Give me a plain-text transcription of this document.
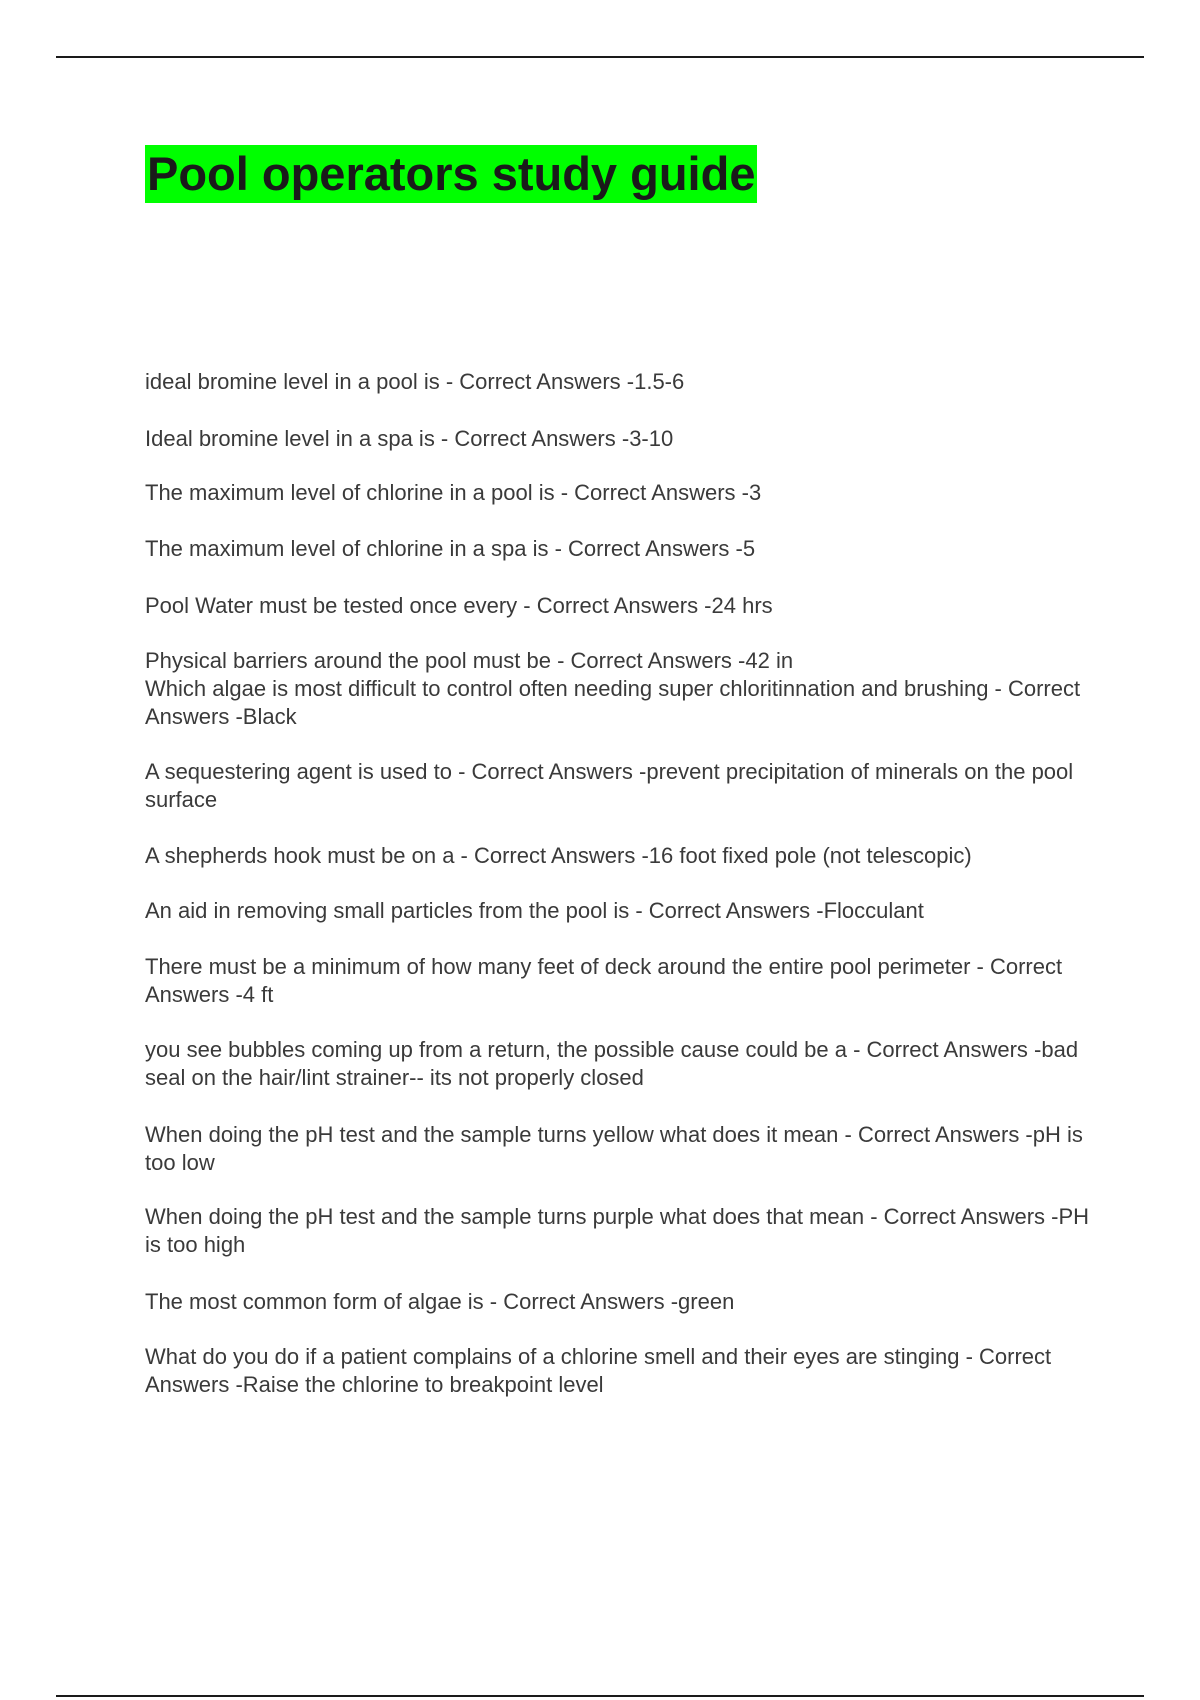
Pool operators study guide

ideal bromine level in a pool is - Correct Answers -1.5-6

Ideal bromine level in a spa is - Correct Answers -3-10

The maximum level of chlorine in a pool is - Correct Answers -3

The maximum level of chlorine in a spa is - Correct Answers -5

Pool Water must be tested once every - Correct Answers -24 hrs

Physical barriers around the pool must be - Correct Answers -42 in

Which algae is most difficult to control often needing super chloritinnation and brushing - Correct Answers -Black

A sequestering agent is used to - Correct Answers -prevent precipitation of minerals on the pool surface

A shepherds hook must be on a - Correct Answers -16 foot fixed pole (not telescopic)

An aid in removing small particles from the pool is - Correct Answers -Flocculant

There must be a minimum of how many feet of deck around the entire pool perimeter - Correct Answers -4 ft

you see bubbles coming up from a return, the possible cause could be a - Correct Answers -bad seal on the hair/lint strainer-- its not properly closed

When doing the pH test and the sample turns yellow what does it mean - Correct Answers -pH is too low

When doing the pH test and the sample turns purple what does that mean - Correct Answers -PH is too high

The most common form of algae is - Correct Answers -green

What do you do if a patient complains of a chlorine smell and their eyes are stinging - Correct Answers -Raise the chlorine to breakpoint level
